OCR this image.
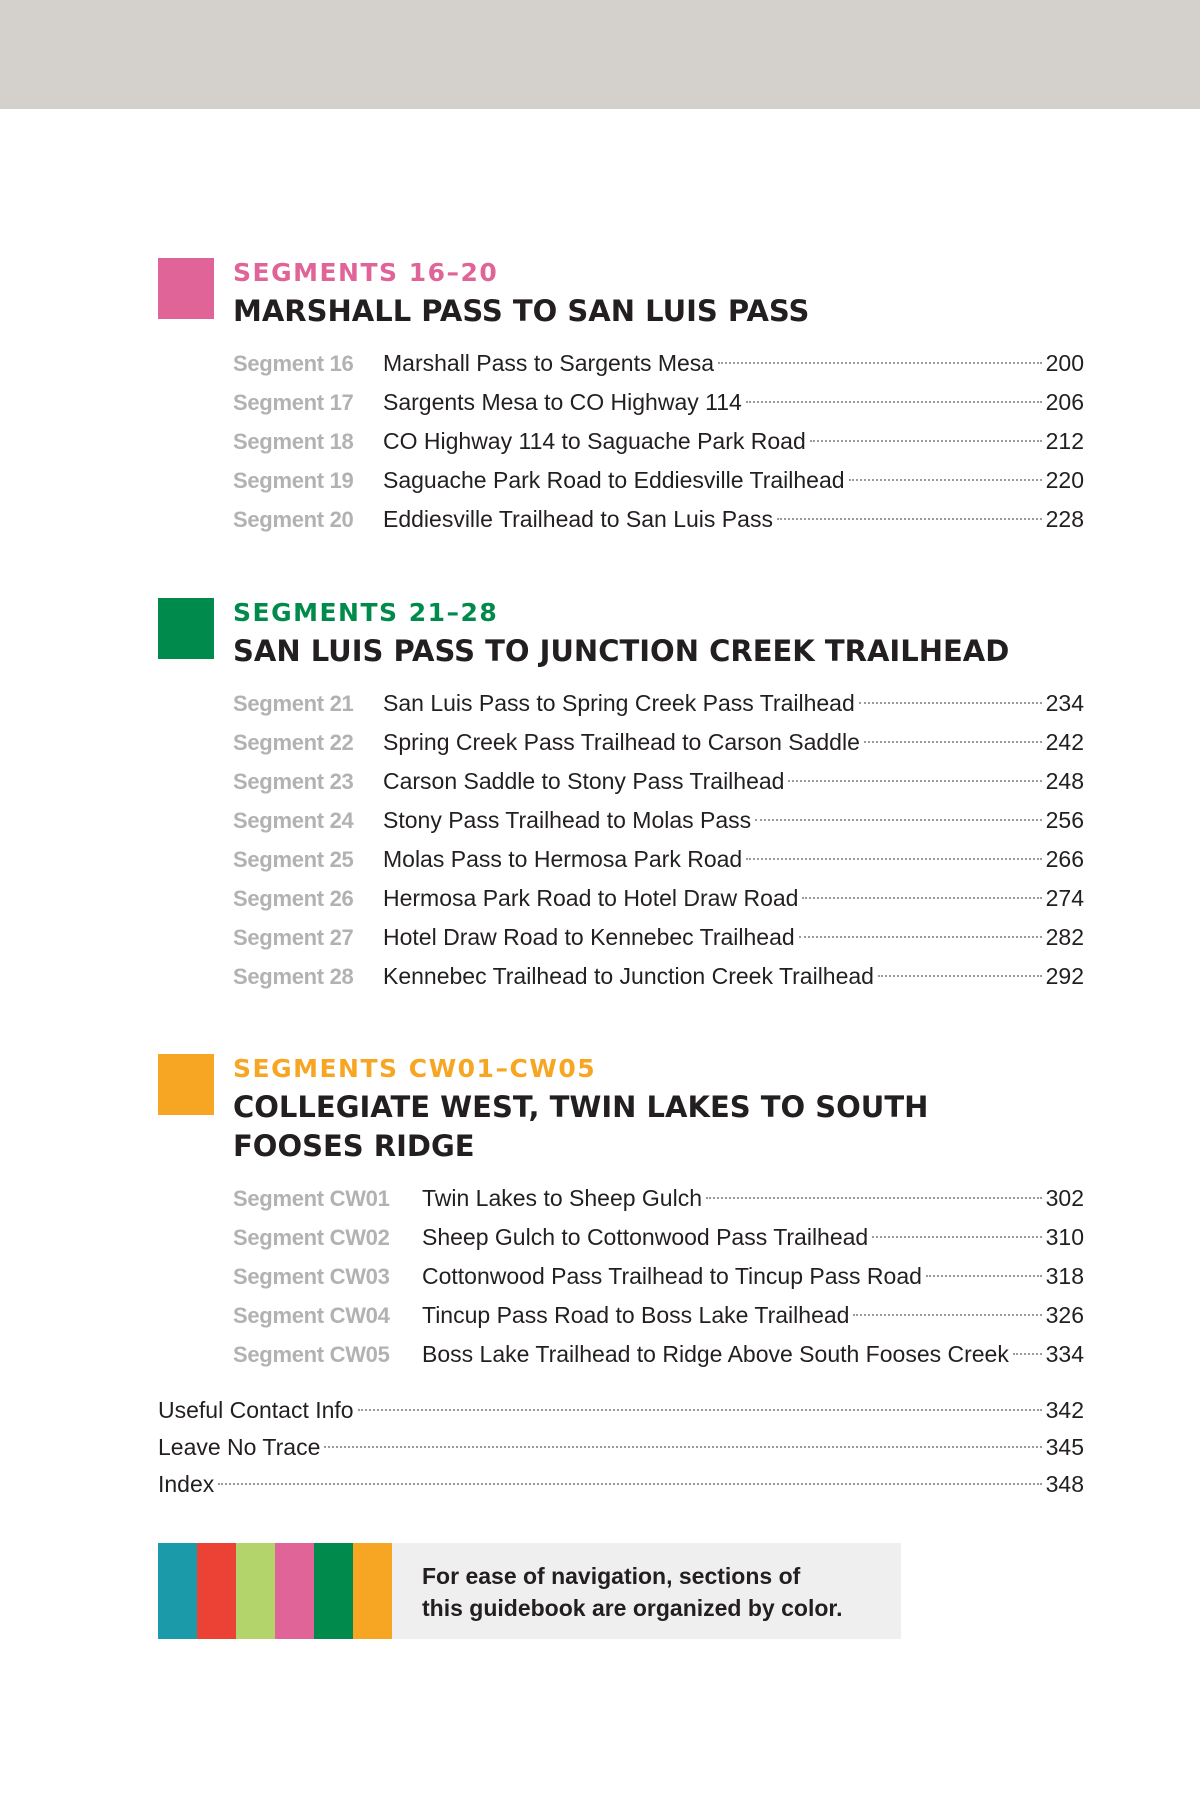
SEGMENTS 16–20
MARSHALL PASS TO SAN LUIS PASS
Segment 16	Marshall Pass to Sargents Mesa	200
Segment 17	Sargents Mesa to CO Highway 114	206
Segment 18	CO Highway 114 to Saguache Park Road	212
Segment 19	Saguache Park Road to Eddiesville Trailhead	220
Segment 20	Eddiesville Trailhead to San Luis Pass	228
SEGMENTS 21–28
SAN LUIS PASS TO JUNCTION CREEK TRAILHEAD
Segment 21	San Luis Pass to Spring Creek Pass Trailhead	234
Segment 22	Spring Creek Pass Trailhead to Carson Saddle	242
Segment 23	Carson Saddle to Stony Pass Trailhead	248
Segment 24	Stony Pass Trailhead to Molas Pass	256
Segment 25	Molas Pass to Hermosa Park Road	266
Segment 26	Hermosa Park Road to Hotel Draw Road	274
Segment 27	Hotel Draw Road to Kennebec Trailhead	282
Segment 28	Kennebec Trailhead to Junction Creek Trailhead	292
SEGMENTS CW01–CW05
COLLEGIATE WEST, TWIN LAKES TO SOUTH
FOOSES RIDGE
Segment CW01	Twin Lakes to Sheep Gulch	302
Segment CW02	Sheep Gulch to Cottonwood Pass Trailhead	310
Segment CW03	Cottonwood Pass Trailhead to Tincup Pass Road	318
Segment CW04	Tincup Pass Road to Boss Lake Trailhead	326
Segment CW05	Boss Lake Trailhead to Ridge Above South Fooses Creek 334
Useful Contact Info	342
Leave No Trace	345
Index	348
For ease of navigation, sections of
this guidebook are organized by color.
